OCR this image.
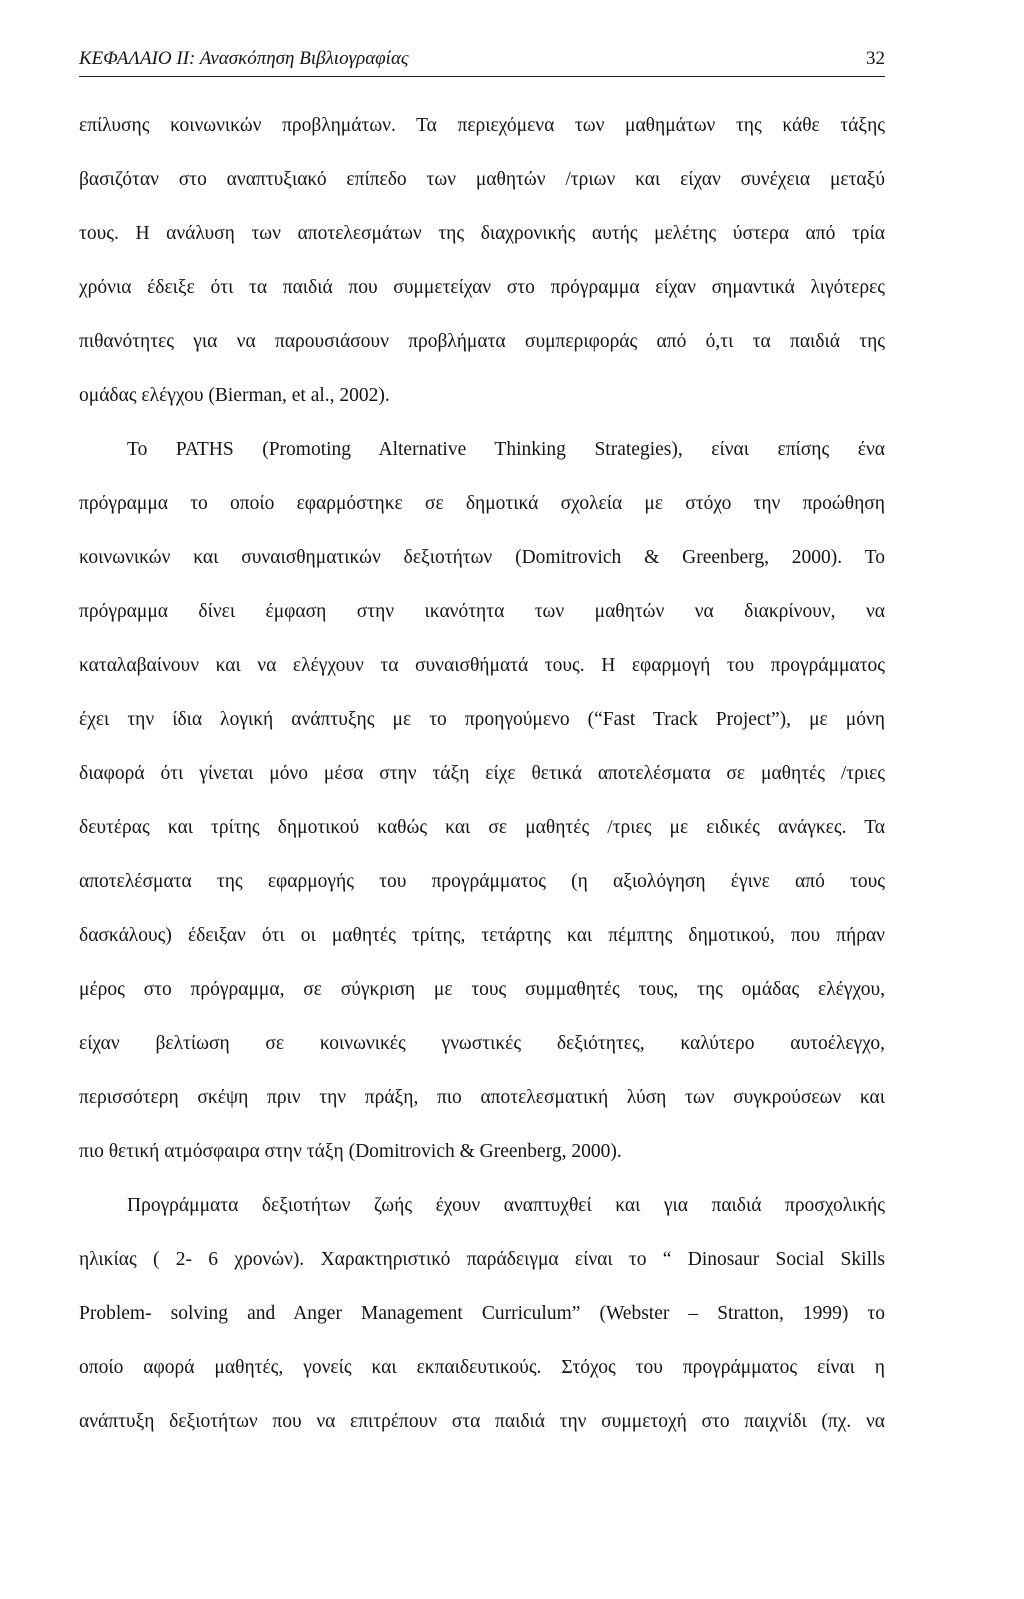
ΚΕΦΑΛΑΙΟ ΙΙ: Ανασκόπηση Βιβλιογραφίας	32
επίλυσης κοινωνικών προβλημάτων. Τα περιεχόμενα των μαθημάτων της κάθε τάξης
βασιζόταν στο αναπτυξιακό επίπεδο των μαθητών /τριων και είχαν συνέχεια μεταξύ
τους. Η ανάλυση των αποτελεσμάτων της διαχρονικής αυτής μελέτης ύστερα από τρία
χρόνια έδειξε ότι τα παιδιά που συμμετείχαν στο πρόγραμμα είχαν σημαντικά λιγότερες
πιθανότητες για να παρουσιάσουν προβλήματα συμπεριφοράς από ό,τι τα παιδιά της
ομάδας ελέγχου (Bierman, et al., 2002).
Το PATHS (Promoting Alternative Thinking Strategies), είναι επίσης ένα
πρόγραμμα το οποίο εφαρμόστηκε σε δημοτικά σχολεία με στόχο την προώθηση
κοινωνικών και συναισθηματικών δεξιοτήτων (Domitrovich & Greenberg, 2000). Το
πρόγραμμα δίνει έμφαση στην ικανότητα των μαθητών να διακρίνουν, να
καταλαβαίνουν και να ελέγχουν τα συναισθήματά τους. Η εφαρμογή του προγράμματος
έχει την ίδια λογική ανάπτυξης με το προηγούμενο (“Fast Track Project”), με μόνη
διαφορά ότι γίνεται μόνο μέσα στην τάξη είχε θετικά αποτελέσματα σε μαθητές /τριες
δευτέρας και τρίτης δημοτικού καθώς και σε μαθητές /τριες με ειδικές ανάγκες. Τα
αποτελέσματα της εφαρμογής του προγράμματος (η αξιολόγηση έγινε από τους
δασκάλους) έδειξαν ότι οι μαθητές τρίτης, τετάρτης και πέμπτης δημοτικού, που πήραν
μέρος στο πρόγραμμα, σε σύγκριση με τους συμμαθητές τους, της ομάδας ελέγχου,
είχαν βελτίωση σε κοινωνικές γνωστικές δεξιότητες, καλύτερο αυτοέλεγχο,
περισσότερη σκέψη πριν την πράξη, πιο αποτελεσματική λύση των συγκρούσεων και
πιο θετική ατμόσφαιρα στην τάξη (Domitrovich & Greenberg, 2000).
Προγράμματα δεξιοτήτων ζωής έχουν αναπτυχθεί και για παιδιά προσχολικής
ηλικίας ( 2- 6 χρονών). Χαρακτηριστικό παράδειγμα είναι το “ Dinosaur Social Skills
Problem- solving and Anger Management Curriculum” (Webster – Stratton, 1999) το
οποίο αφορά μαθητές, γονείς και εκπαιδευτικούς. Στόχος του προγράμματος είναι η
ανάπτυξη δεξιοτήτων που να επιτρέπουν στα παιδιά την συμμετοχή στο παιχνίδι (πχ. να
